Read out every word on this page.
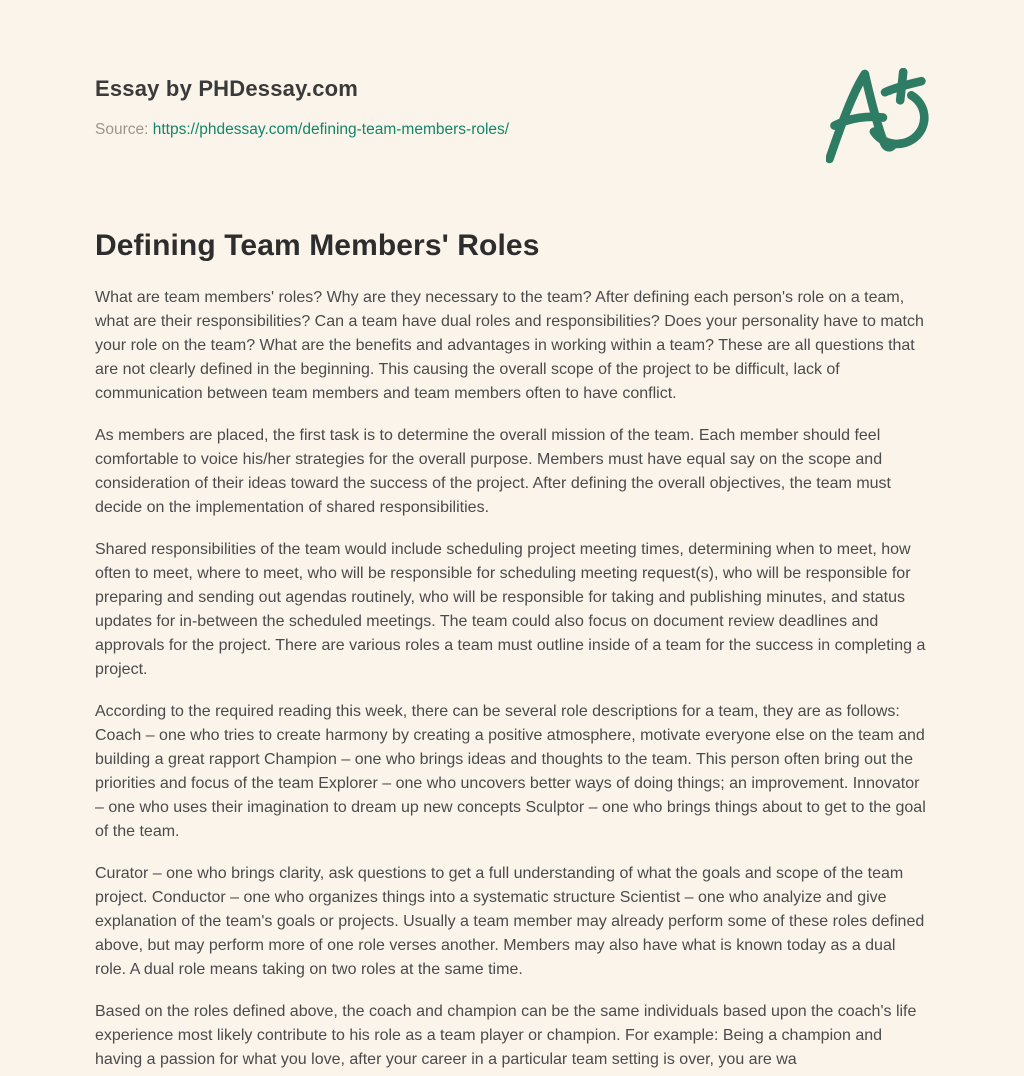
Essay by PHDessay.com
Source: https://phdessay.com/defining-team-members-roles/
Defining Team Members' Roles

What are team members' roles? Why are they necessary to the team? After defining each person's role on a team, what are their responsibilities? Can a team have dual roles and responsibilities? Does your personality have to match your role on the team? What are the benefits and advantages in working within a team? These are all questions that are not clearly defined in the beginning. This causing the overall scope of the project to be difficult, lack of communication between team members and team members often to have conflict.

As members are placed, the first task is to determine the overall mission of the team. Each member should feel comfortable to voice his/her strategies for the overall purpose. Members must have equal say on the scope and consideration of their ideas toward the success of the project. After defining the overall objectives, the team must decide on the implementation of shared responsibilities.

Shared responsibilities of the team would include scheduling project meeting times, determining when to meet, how often to meet, where to meet, who will be responsible for scheduling meeting request(s), who will be responsible for preparing and sending out agendas routinely, who will be responsible for taking and publishing minutes, and status updates for in-between the scheduled meetings. The team could also focus on document review deadlines and approvals for the project. There are various roles a team must outline inside of a team for the success in completing a project.

According to the required reading this week, there can be several role descriptions for a team, they are as follows: Coach – one who tries to create harmony by creating a positive atmosphere, motivate everyone else on the team and building a great rapport Champion – one who brings ideas and thoughts to the team. This person often bring out the priorities and focus of the team Explorer – one who uncovers better ways of doing things; an improvement. Innovator – one who uses their imagination to dream up new concepts Sculptor – one who brings things about to get to the goal of the team.

Curator – one who brings clarity, ask questions to get a full understanding of what the goals and scope of the team project. Conductor – one who organizes things into a systematic structure Scientist – one who analyize and give explanation of the team's goals or projects. Usually a team member may already perform some of these roles defined above, but may perform more of one role verses another. Members may also have what is known today as a dual role. A dual role means taking on two roles at the same time.

Based on the roles defined above, the coach and champion can be the same individuals based upon the coach's life experience most likely contribute to his role as a team player or champion. For example: Being a champion and having a passion for what you love, after your career in a particular team setting is over, you are wa
